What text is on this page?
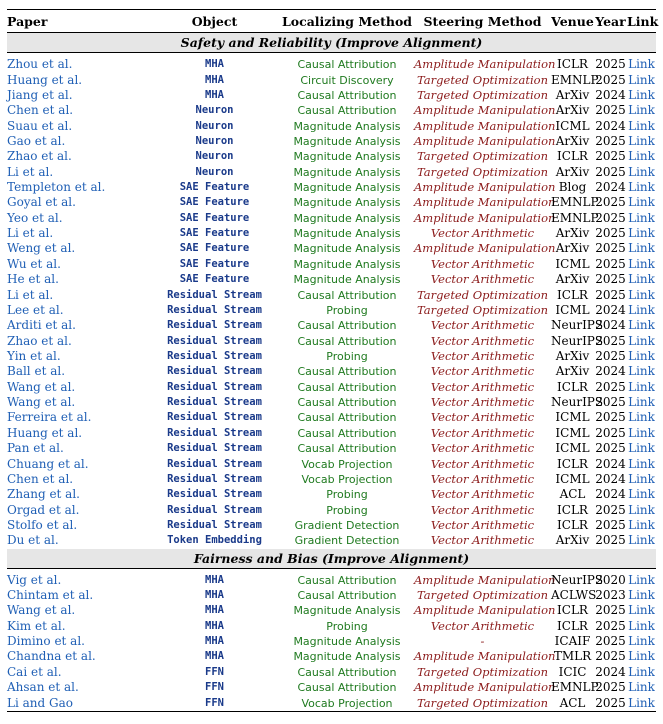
Paper	Object	Localizing Method	Steering Method	Venue	Year	Link
Safety and Reliability (Improve Alignment)						

Zhou et al.	MHA	Causal Attribution	Amplitude Manipulation	ICLR	2025	Link
Huang et al.	MHA	Circuit Discovery	Targeted Optimization	EMNLP	2025	Link
Jiang et al.	MHA	Causal Attribution	Targeted Optimization	ArXiv	2024	Link
Chen et al.	Neuron	Causal Attribution	Amplitude Manipulation	ArXiv	2025	Link
Suau et al.	Neuron	Magnitude Analysis	Amplitude Manipulation	ICML	2024	Link
Gao et al.	Neuron	Magnitude Analysis	Amplitude Manipulation	ArXiv	2025	Link
Zhao et al.	Neuron	Magnitude Analysis	Targeted Optimization	ICLR	2025	Link
Li et al.	Neuron	Magnitude Analysis	Targeted Optimization	ArXiv	2025	Link
Templeton et al.	SAE Feature	Magnitude Analysis	Amplitude Manipulation	Blog	2024	Link
Goyal et al.	SAE Feature	Magnitude Analysis	Amplitude Manipulation	EMNLP	2025	Link
Yeo et al.	SAE Feature	Magnitude Analysis	Amplitude Manipulation	EMNLP	2025	Link
Li et al.	SAE Feature	Magnitude Analysis	Vector Arithmetic	ArXiv	2025	Link
Weng et al.	SAE Feature	Magnitude Analysis	Amplitude Manipulation	ArXiv	2025	Link
Wu et al.	SAE Feature	Magnitude Analysis	Vector Arithmetic	ICML	2025	Link
He et al.	SAE Feature	Magnitude Analysis	Vector Arithmetic	ArXiv	2025	Link
Li et al.	Residual Stream	Causal Attribution	Targeted Optimization	ICLR	2025	Link
Lee et al.	Residual Stream	Probing	Targeted Optimization	ICML	2024	Link
Arditi et al.	Residual Stream	Causal Attribution	Vector Arithmetic	NeurIPS	2024	Link
Zhao et al.	Residual Stream	Causal Attribution	Vector Arithmetic	NeurIPS	2025	Link
Yin et al.	Residual Stream	Probing	Vector Arithmetic	ArXiv	2025	Link
Ball et al.	Residual Stream	Causal Attribution	Vector Arithmetic	ArXiv	2024	Link
Wang et al.	Residual Stream	Causal Attribution	Vector Arithmetic	ICLR	2025	Link
Wang et al.	Residual Stream	Causal Attribution	Vector Arithmetic	NeurIPS	2025	Link
Ferreira et al.	Residual Stream	Causal Attribution	Vector Arithmetic	ICML	2025	Link
Huang et al.	Residual Stream	Causal Attribution	Vector Arithmetic	ICML	2025	Link
Pan et al.	Residual Stream	Causal Attribution	Vector Arithmetic	ICML	2025	Link
Chuang et al.	Residual Stream	Vocab Projection	Vector Arithmetic	ICLR	2024	Link
Chen et al.	Residual Stream	Vocab Projection	Vector Arithmetic	ICML	2024	Link
Zhang et al.	Residual Stream	Probing	Vector Arithmetic	ACL	2024	Link
Orgad et al.	Residual Stream	Probing	Vector Arithmetic	ICLR	2025	Link
Stolfo et al.	Residual Stream	Gradient Detection	Vector Arithmetic	ICLR	2025	Link
Du et al.	Token Embedding	Gradient Detection	Vector Arithmetic	ArXiv	2025	Link
Fairness and Bias (Improve Alignment)						

Vig et al.	MHA	Causal Attribution	Amplitude Manipulation	NeurIPS	2020	Link
Chintam et al.	MHA	Causal Attribution	Targeted Optimization	ACLWS	2023	Link
Wang et al.	MHA	Magnitude Analysis	Amplitude Manipulation	ICLR	2025	Link
Kim et al.	MHA	Probing	Vector Arithmetic	ICLR	2025	Link
Dimino et al.	MHA	Magnitude Analysis	-	ICAIF	2025	Link
Chandna et al.	MHA	Magnitude Analysis	Amplitude Manipulation	TMLR	2025	Link
Cai et al.	FFN	Causal Attribution	Targeted Optimization	ICIC	2024	Link
Ahsan et al.	FFN	Causal Attribution	Amplitude Manipulation	EMNLP	2025	Link
Li and Gao	FFN	Vocab Projection	Targeted Optimization	ACL	2025	Link
